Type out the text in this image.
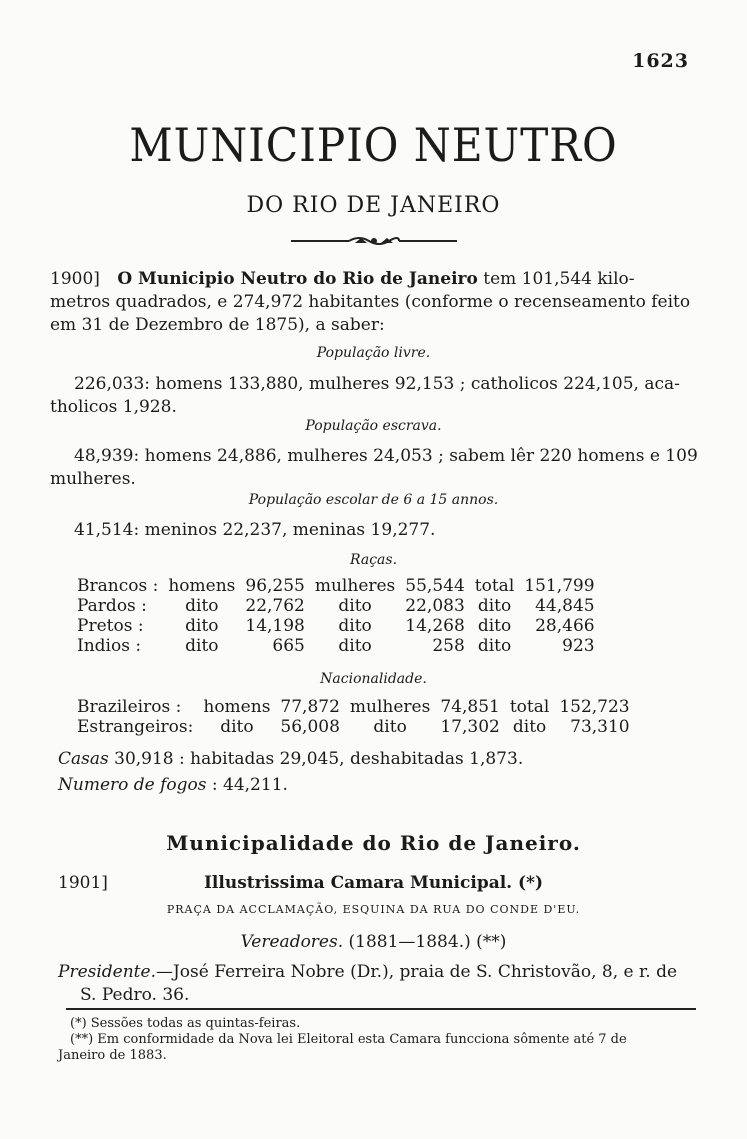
1623
MUNICIPIO NEUTRO
DO RIO DE JANEIRO
1900] O Municipio Neutro do Rio de Janeiro tem 101,544 kilo-
metros quadrados, e 274,972 habitantes (conforme o recenseamento feito
em 31 de Dezembro de 1875), a saber:
População livre.
226,033: homens 133,880, mulheres 92,153 ; catholicos 224,105, aca-
tholicos 1,928.
População escrava.
48,939: homens 24,886, mulheres 24,053 ; sabem lêr 220 homens e 109
mulheres.
População escolar de 6 a 15 annos.
41,514: meninos 22,237, meninas 19,277.
Raças.
Brancos :	homens	96,255	mulheres	55,544	total	151,799
Pardos :	dito	22,762	dito	22,083	dito	44,845
Pretos :	dito	14,198	dito	14,268	dito	28,466
Indios :	dito	665	dito	258	dito	923
Nacionalidade.
Brazileiros :	homens	77,872	mulheres	74,851	total	152,723
Estrangeiros:	dito	56,008	dito	17,302	dito	73,310
Casas 30,918 : habitadas 29,045, deshabitadas 1,873.
Numero de fogos : 44,211.
Municipalidade do Rio de Janeiro.
1901]	Illustrissima Camara Municipal. (*)
PRAÇA DA ACCLAMAÇÃO, ESQUINA DA RUA DO CONDE D'EU.
Vereadores. (1881—1884.) (**)
Presidente.—José Ferreira Nobre (Dr.), praia de S. Christovão, 8, e r. de
S. Pedro. 36.
(*) Sessões todas as quintas-feiras.
(**) Em conformidade da Nova lei Eleitoral esta Camara funcciona sômente até 7 de
Janeiro de 1883.
